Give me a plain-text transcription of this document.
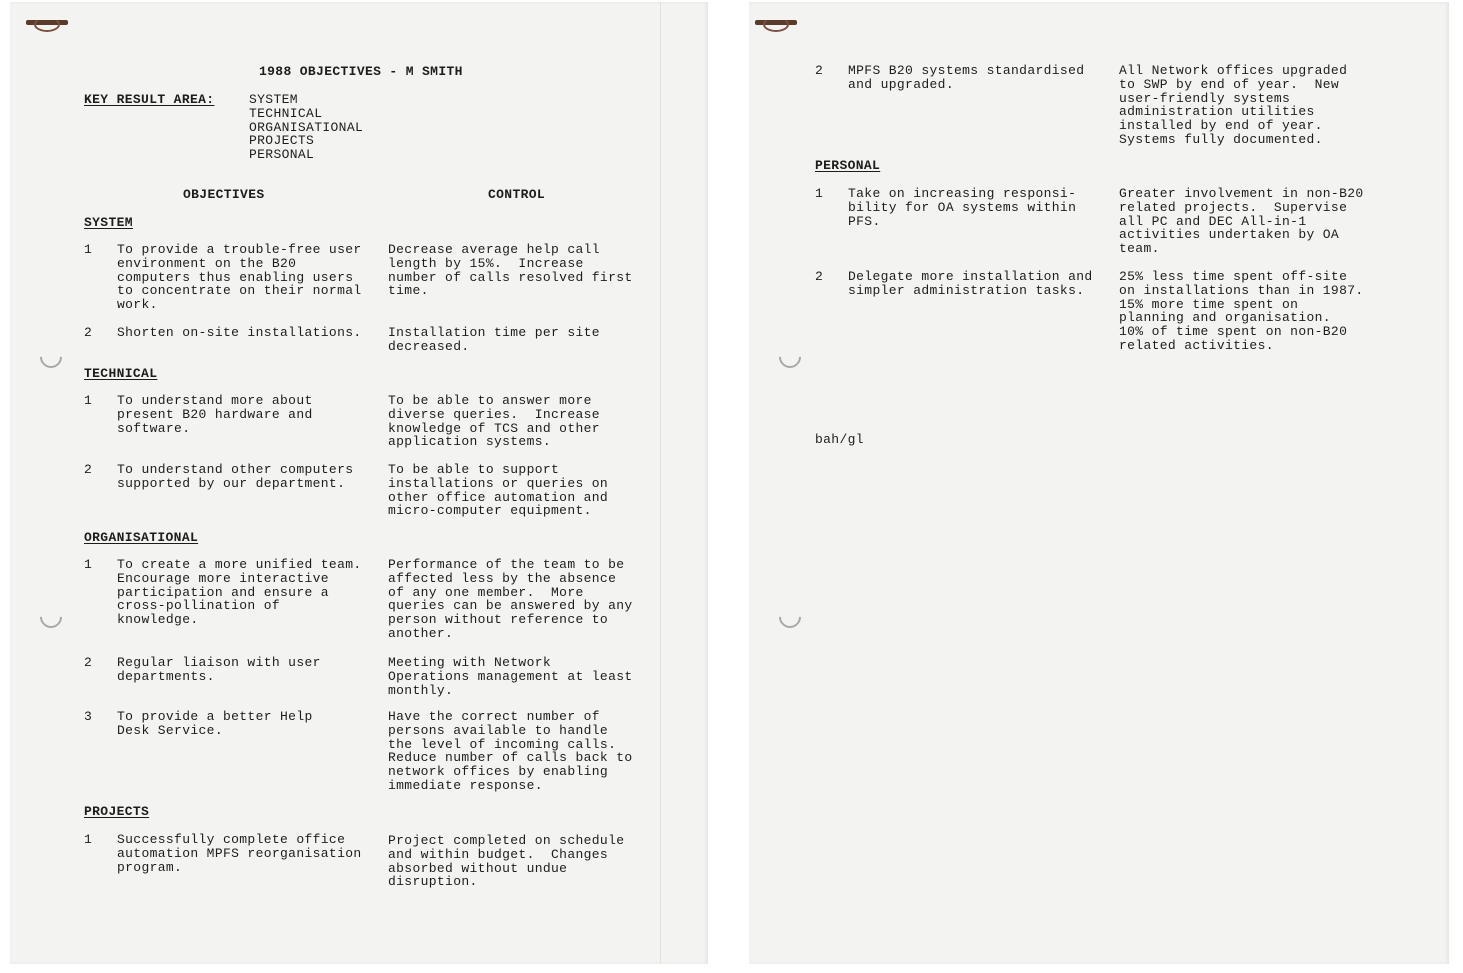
1988 OBJECTIVES - M SMITH

KEY RESULT AREA:	SYSTEM
TECHNICAL
ORGANISATIONAL
PROJECTS
PERSONAL

OBJECTIVES	CONTROL

SYSTEM

1 To provide a trouble-free user
environment on the B20
computers thus enabling users
to concentrate on their normal
work.

Decrease average help call
length by 15%.  Increase
number of calls resolved first
time.

2 Shorten on-site installations. Installation time per site
decreased.

TECHNICAL

1 To understand more about
present B20 hardware and
software.

To be able to answer more
diverse queries.  Increase
knowledge of TCS and other
application systems.

2 To understand other computers
supported by our department.

To be able to support
installations or queries on
other office automation and
micro-computer equipment.

ORGANISATIONAL

1 To create a more unified team.
Encourage more interactive
participation and ensure a
cross-pollination of
knowledge.

Performance of the team to be
affected less by the absence
of any one member.  More
queries can be answered by any
person without reference to
another.

2 Regular liaison with user
departments.

Meeting with Network
Operations management at least
monthly.

3 To provide a better Help
Desk Service.

Have the correct number of
persons available to handle
the level of incoming calls.
Reduce number of calls back to
network offices by enabling
immediate response.

PROJECTS

1 Successfully complete office
automation MPFS reorganisation
program.

Project completed on schedule
and within budget.  Changes
absorbed without undue
disruption.

2 MPFS B20 systems standardised
and upgraded.

All Network offices upgraded
to SWP by end of year.  New
user-friendly systems
administration utilities
installed by end of year.
Systems fully documented.

PERSONAL

1 Take on increasing responsi-
bility for OA systems within
PFS.

Greater involvement in non-B20
related projects.  Supervise
all PC and DEC All-in-1
activities undertaken by OA
team.

2 Delegate more installation and
simpler administration tasks.

25% less time spent off-site
on installations than in 1987.
15% more time spent on
planning and organisation.
10% of time spent on non-B20
related activities.

bah/gl
